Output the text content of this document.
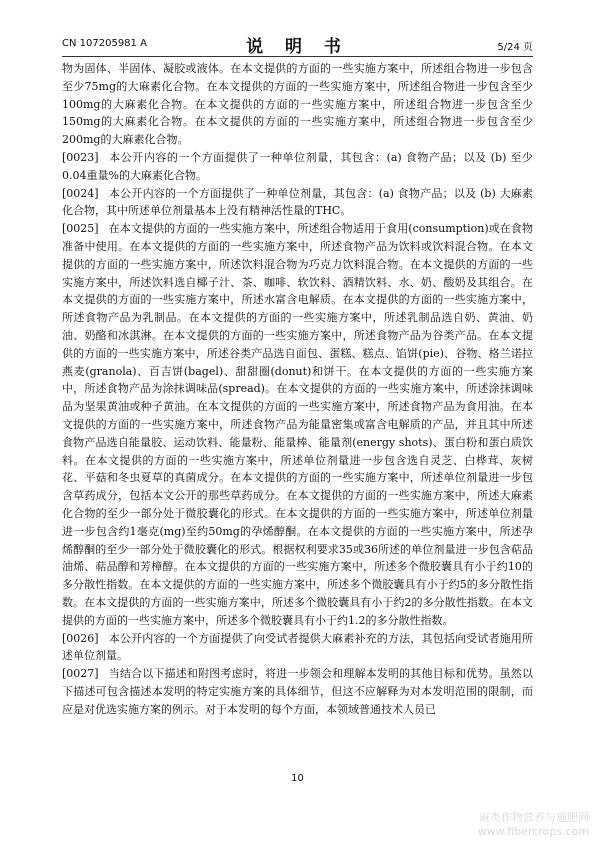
CN 107205981 A	说 明 书	5/24 页

物为固体、半固体、凝胶或液体。在本文提供的方面的一些实施方案中，所述组合物进一步包含至少75mg的大麻素化合物。在本文提供的方面的一些实施方案中，所述组合物进一步包含至少100mg的大麻素化合物。在本文提供的方面的一些实施方案中，所述组合物进一步包含至少150mg的大麻素化合物。在本文提供的方面的一些实施方案中，所述组合物进一步包含至少200mg的大麻素化合物。

[0023] 本公开内容的一个方面提供了一种单位剂量，其包含：(a) 食物产品；以及 (b) 至少0.04重量%的大麻素化合物。

[0024] 本公开内容的一个方面提供了一种单位剂量，其包含：(a) 食物产品；以及 (b) 大麻素化合物，其中所述单位剂量基本上没有精神活性量的THC。

[0025] 在本文提供的方面的一些实施方案中，所述组合物适用于食用(consumption)或在食物准备中使用。在本文提供的方面的一些实施方案中，所述食物产品为饮料或饮料混合物。在本文提供的方面的一些实施方案中，所述饮料混合物为巧克力饮料混合物。在本文提供的方面的一些实施方案中，所述饮料选自椰子汁、茶、咖啡、软饮料、酒精饮料、水、奶、酸奶及其组合。在本文提供的方面的一些实施方案中，所述水富含电解质。在本文提供的方面的一些实施方案中，所述食物产品为乳制品。在本文提供的方面的一些实施方案中，所述乳制品选自奶、黄油、奶油、奶酪和冰淇淋。在本文提供的方面的一些实施方案中，所述食物产品为谷类产品。在本文提供的方面的一些实施方案中，所述谷类产品选自面包、蛋糕、糕点、馅饼(pie)、谷物、格兰诺拉燕麦(granola)、百吉饼(bagel)、甜甜圈(donut)和饼干。在本文提供的方面的一些实施方案中，所述食物产品为涂抹调味品(spread)。在本文提供的方面的一些实施方案中，所述涂抹调味品为坚果黄油或种子黄油。在本文提供的方面的一些实施方案中，所述食物产品为食用油。在本文提供的方面的一些实施方案中，所述食物产品为能量密集或富含电解质的产品，并且其中所述食物产品选自能量胶、运动饮料、能量粉、能量棒、能量剂(energy shots)、蛋白粉和蛋白质饮料。在本文提供的方面的一些实施方案中，所述单位剂量进一步包含选自灵芝、白桦茸、灰树花、平菇和冬虫夏草的真菌成分。在本文提供的方面的一些实施方案中，所述单位剂量进一步包含草药成分，包括本文公开的那些草药成分。在本文提供的方面的一些实施方案中，所述大麻素化合物的至少一部分处于微胶囊化的形式。在本文提供的方面的一些实施方案中，所述单位剂量进一步包含约1毫克(mg)至约50mg的孕烯醇酮。在本文提供的方面的一些实施方案中，所述孕烯醇酮的至少一部分处于微胶囊化的形式。根据权利要求35或36所述的单位剂量进一步包含萜品油烯、萜品醇和芳樟醇。在本文提供的方面的一些实施方案中，所述多个微胶囊具有小于约10的多分散性指数。在本文提供的方面的一些实施方案中，所述多个微胶囊具有小于约5的多分散性指数。在本文提供的方面的一些实施方案中，所述多个微胶囊具有小于约2的多分散性指数。在本文提供的方面的一些实施方案中，所述多个微胶囊具有小于约1.2的多分散性指数。

[0026] 本公开内容的一个方面提供了向受试者提供大麻素补充的方法，其包括向受试者施用所述单位剂量。

[0027] 当结合以下描述和附图考虑时，将进一步领会和理解本发明的其他目标和优势。虽然以下描述可包含描述本发明的特定实施方案的具体细节，但这不应解释为对本发明范围的限制，而应是对优选实施方案的例示。对于本发明的每个方面，本领域普通技术人员已

10
麻类作物营养与施肥网
www.fibercrops.com
